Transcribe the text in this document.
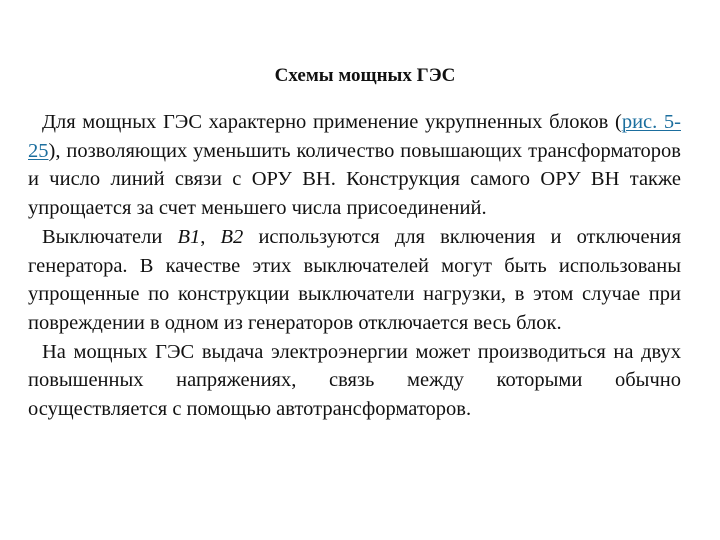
Схемы мощных ГЭС

Для мощных ГЭС характерно применение укрупненных блоков (рис. 5-25), позволяющих уменьшить количество повышающих трансформаторов и число линий связи с ОРУ ВН. Конструкция самого ОРУ ВН также упрощается за счет меньшего числа присоединений.

Выключатели В1, В2 используются для включения и отключения генератора. В качестве этих выключателей могут быть использованы упрощенные по конструкции выключатели нагрузки, в этом случае при повреждении в одном из генераторов отключается весь блок.

На мощных ГЭС выдача электроэнергии может производиться на двух повышенных напряжениях, связь между которыми обычно осуществляется с помощью автотрансформаторов.
